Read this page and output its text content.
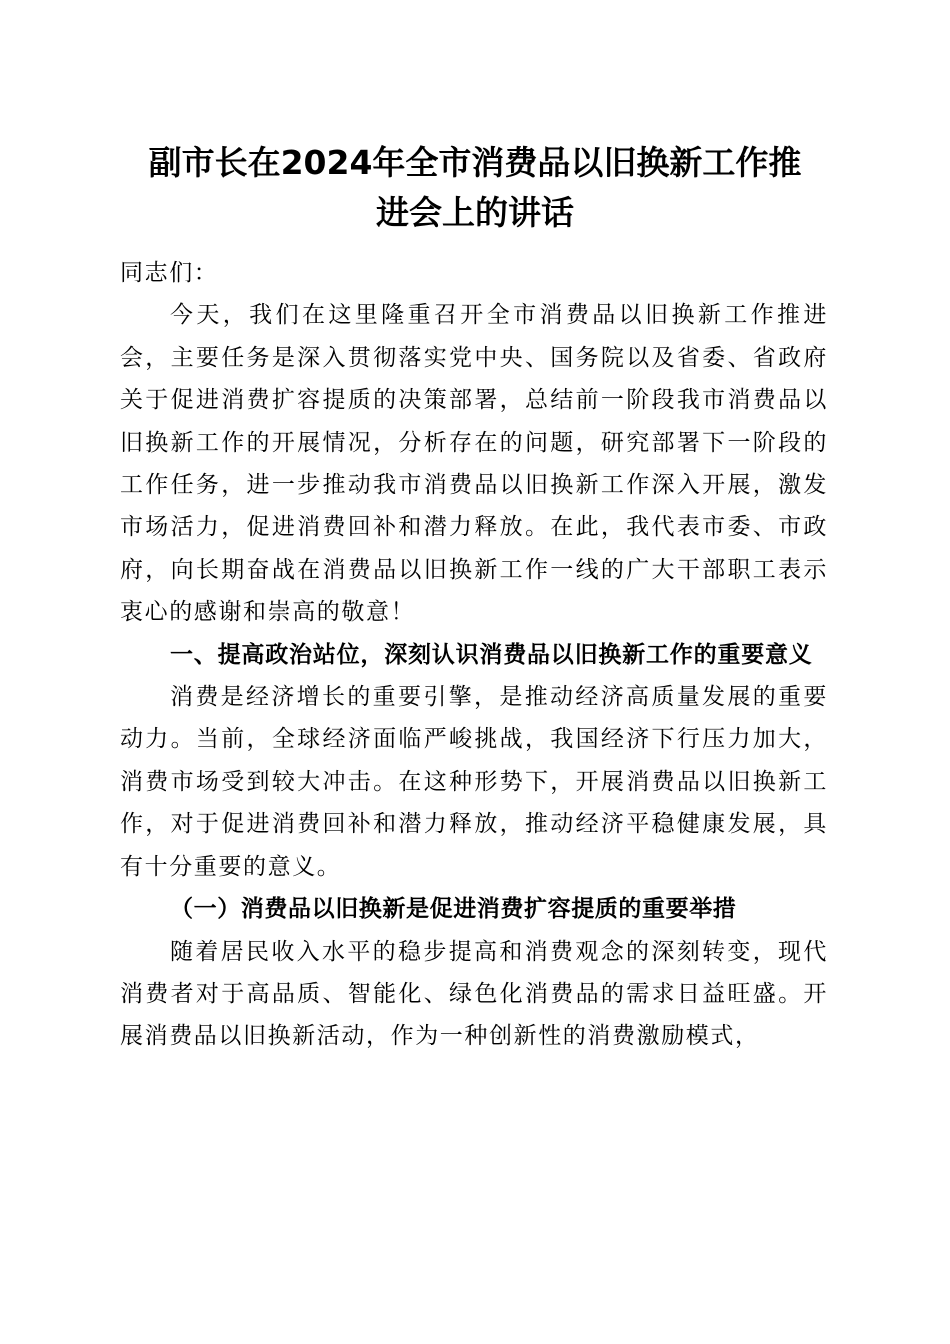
副市长在2024年全市消费品以旧换新工作推
进会上的讲话

同志们：

今天，我们在这里隆重召开全市消费品以旧换新工作推进会，主要任务是深入贯彻落实党中央、国务院以及省委、省政府关于促进消费扩容提质的决策部署，总结前一阶段我市消费品以旧换新工作的开展情况，分析存在的问题，研究部署下一阶段的工作任务，进一步推动我市消费品以旧换新工作深入开展，激发市场活力，促进消费回补和潜力释放。在此，我代表市委、市政府，向长期奋战在消费品以旧换新工作一线的广大干部职工表示衷心的感谢和崇高的敬意！

一、提高政治站位，深刻认识消费品以旧换新工作的重要意义

消费是经济增长的重要引擎，是推动经济高质量发展的重要动力。当前，全球经济面临严峻挑战，我国经济下行压力加大，消费市场受到较大冲击。在这种形势下，开展消费品以旧换新工作，对于促进消费回补和潜力释放，推动经济平稳健康发展，具有十分重要的意义。

（一）消费品以旧换新是促进消费扩容提质的重要举措

随着居民收入水平的稳步提高和消费观念的深刻转变，现代消费者对于高品质、智能化、绿色化消费品的需求日益旺盛。开展消费品以旧换新活动，作为一种创新性的消费激励模式，
